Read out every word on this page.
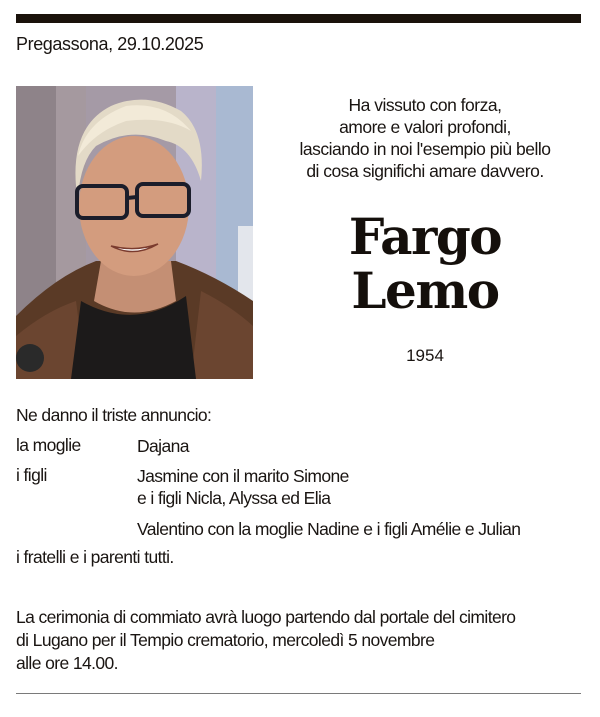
Pregassona, 29.10.2025
Ha vissuto con forza,
amore e valori profondi,
lasciando in noi l'esempio più bello
di cosa significhi amare davvero.
Fargo
Lemo
1954
Ne danno il triste annuncio:
la moglie	Dajana
i figli	Jasmine con il marito Simone
e i figli Nicla, Alyssa ed Elia
Valentino con la moglie Nadine e i figli Amélie e Julian
i fratelli e i parenti tutti.
La cerimonia di commiato avrà luogo partendo dal portale del cimitero
di Lugano per il Tempio crematorio, mercoledì 5 novembre
alle ore 14.00.
